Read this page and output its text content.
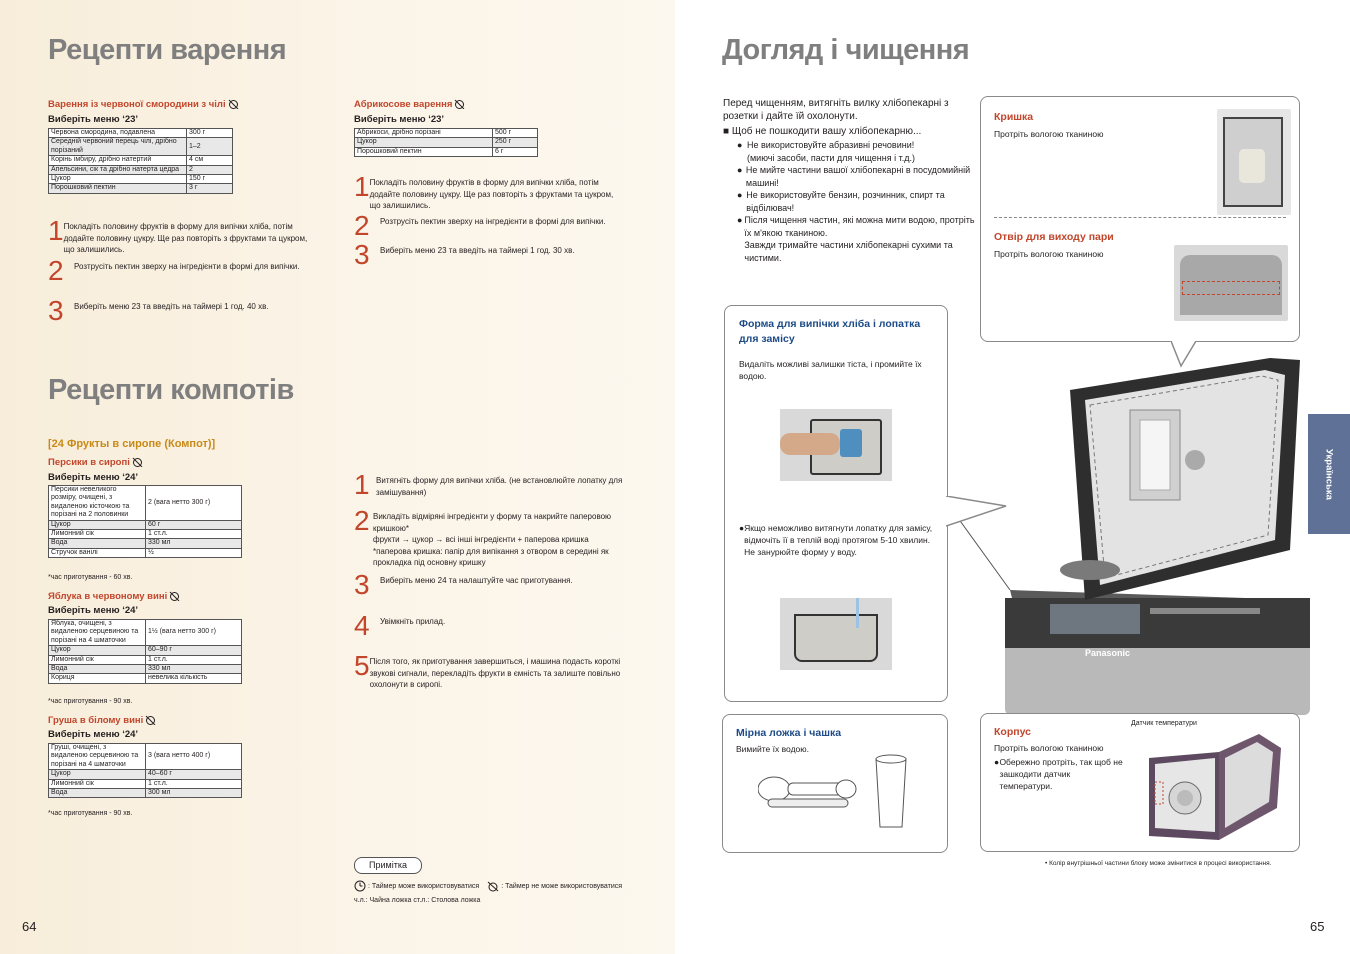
Рецепти варення
Варення із червоної смородини з чілі
Виберіть меню ‘23’
Червона смородина, подавлена	300 г
Середній червоний перець чілі, дрібно порізаний	1–2
Корінь імбиру, дрібно натертий	4 см
Апельсини, сік та дрібно натерта цедра	2
Цукор	150 г
Порошковий пектин	3 г
1 Покладіть половину фруктів в форму для випічки хліба, потім додайте половину цукру. Ще раз повторіть з фруктами та цукром, що залишились.
2	Розтрусіть пектин зверху на інгредієнти в формі для випічки.
3	Виберіть меню 23 та введіть на таймері 1 год. 40 хв.
Абрикосове варення
Виберіть меню ‘23’
Абрикоси, дрібно порізані	500 г
Цукор	250 г
Порошковий пектин	6 г
1 Покладіть половину фруктів в форму для випічки хліба, потім додайте половину цукру. Ще раз повторіть з фруктами та цукром, що залишились.
2	Розтрусіть пектин зверху на інгредієнти в формі для випічки.
3	Виберіть меню 23 та введіть на таймері 1 год. 30 хв.
Рецепти компотів
[24 Фрукты в сиропе (Компот)]
Персики в сиропі
Виберіть меню ‘24’
Персики невеликого розміру, очищені, з видаленою кісточкою та порізані на 2 половинки	2 (вага нетто 300 г)
Цукор	60 г
Лимонний сік	1 ст.л.
Вода	330 мл
Стручок ванілі	½
*час приготування - 60 хв.
Яблука в червоному вині
Виберіть меню ‘24’
Яблука, очищені, з видаленою серцевиною та порізані на 4 шматочки	1½ (вага нетто 300 г)
Цукор	60–90 г
Лимонний сік	1 ст.л.
Вода	330 мл
Кориця	невелика кількість
*час приготування - 90 хв.
Груша в білому вині
Виберіть меню ‘24’
Груші, очищені, з видаленою серцевиною та порізані на 4 шматочки	3 (вага нетто 400 г)
Цукор	40–60 г
Лимонний сік	1 ст.л.
Вода	300 мл
*час приготування - 90 хв.
1 Витягніть форму для випічки хліба. (не встановлюйте лопатку для замішування)
2 Викладіть відміряні інгредієнти у форму та накрийте паперовою кришкою*
фрукти → цукор → всі інші інгредієнти + паперова кришка
*паперова кришка: папір для випікання з отвором в середині як прокладка під основну кришку
3	Виберіть меню 24 та налаштуйте час приготування.
4	Увімкніть прилад.
5 Після того, як приготування завершиться, і машина подасть короткі звукові сигнали, перекладіть фрукти в ємність та залиште повільно охолонути в сиропі.
Примітка
: Таймер може використовуватися	: Таймер не може використовуватися
ч.л.: Чайна ложка ст.л.: Столова ложка
64
Догляд і чищення
Перед чищенням, витягніть вилку хлібопекарні з розетки і дайте їй охолонути.
■ Щоб не пошкодити вашу хлібопекарню...
● Не використовуйте абразивні речовини!
(миючі засоби, пасти для чищення і т.д.)
● Не мийте частини вашої хлібопекарні в посудомийній машині!
● Не використовуйте бензин, розчинник, спирт та відбілювач!
● Після чищення частин, які можна мити водою, протріть їх м'якою тканиною.
Завжди тримайте частини хлібопекарні сухими та чистими.
Panasonic
Кришка
Протріть вологою тканиною
Отвір для виходу пари
Протріть вологою тканиною
Форма для випічки хліба і лопатка для замісу
Видаліть можливі залишки тіста, і промийте їх водою.
● Якщо неможливо витягнути лопатку для замісу, відмочіть її в теплій воді протягом 5-10 хвилин.
Не занурюйте форму у воду.
Мірна ложка і чашка
Вимийте їх водою.
Корпус
Протріть вологою тканиною
● Обережно протріть, так щоб не зашкодити датчик температури.
Датчик температури
• Колір внутрішньої частини блоку може змінитися в процесі використання.
Українська
65
